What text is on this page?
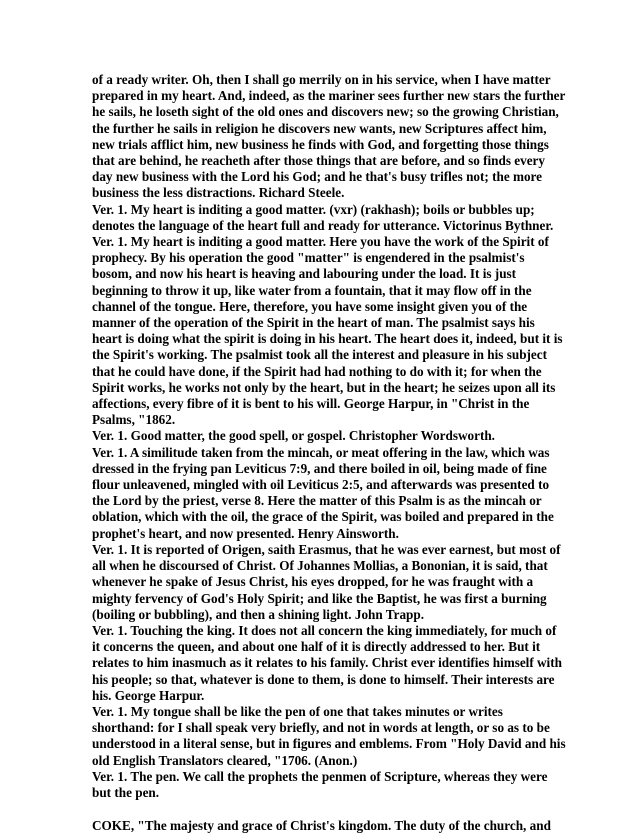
of a ready writer. Oh, then I shall go merrily on in his service, when I have matter
prepared in my heart. And, indeed, as the mariner sees further new stars the further
he sails, he loseth sight of the old ones and discovers new; so the growing Christian,
the further he sails in religion he discovers new wants, new Scriptures affect him,
new trials afflict him, new business he finds with God, and forgetting those things
that are behind, he reacheth after those things that are before, and so finds every
day new business with the Lord his God; and he that's busy trifles not; the more
business the less distractions. Richard Steele.
Ver. 1. My heart is inditing a good matter. (vxr) (rakhash); boils or bubbles up;
denotes the language of the heart full and ready for utterance. Victorinus Bythner.
Ver. 1. My heart is inditing a good matter. Here you have the work of the Spirit of
prophecy. By his operation the good "matter" is engendered in the psalmist's
bosom, and now his heart is heaving and labouring under the load. It is just
beginning to throw it up, like water from a fountain, that it may flow off in the
channel of the tongue. Here, therefore, you have some insight given you of the
manner of the operation of the Spirit in the heart of man. The psalmist says his
heart is doing what the spirit is doing in his heart. The heart does it, indeed, but it is
the Spirit's working. The psalmist took all the interest and pleasure in his subject
that he could have done, if the Spirit had had nothing to do with it; for when the
Spirit works, he works not only by the heart, but in the heart; he seizes upon all its
affections, every fibre of it is bent to his will. George Harpur, in "Christ in the
Psalms, "1862.
Ver. 1. Good matter, the good spell, or gospel. Christopher Wordsworth.
Ver. 1. A similitude taken from the mincah, or meat offering in the law, which was
dressed in the frying pan Leviticus 7:9, and there boiled in oil, being made of fine
flour unleavened, mingled with oil Leviticus 2:5, and afterwards was presented to
the Lord by the priest, verse 8. Here the matter of this Psalm is as the mincah or
oblation, which with the oil, the grace of the Spirit, was boiled and prepared in the
prophet's heart, and now presented. Henry Ainsworth.
Ver. 1. It is reported of Origen, saith Erasmus, that he was ever earnest, but most of
all when he discoursed of Christ. Of Johannes Mollias, a Bononian, it is said, that
whenever he spake of Jesus Christ, his eyes dropped, for he was fraught with a
mighty fervency of God's Holy Spirit; and like the Baptist, he was first a burning
(boiling or bubbling), and then a shining light. John Trapp.
Ver. 1. Touching the king. It does not all concern the king immediately, for much of
it concerns the queen, and about one half of it is directly addressed to her. But it
relates to him inasmuch as it relates to his family. Christ ever identifies himself with
his people; so that, whatever is done to them, is done to himself. Their interests are
his. George Harpur.
Ver. 1. My tongue shall be like the pen of one that takes minutes or writes
shorthand: for I shall speak very briefly, and not in words at length, or so as to be
understood in a literal sense, but in figures and emblems. From "Holy David and his
old English Translators cleared, "1706. (Anon.)
Ver. 1. The pen. We call the prophets the penmen of Scripture, whereas they were
but the pen.
COKE, "The majesty and grace of Christ's kingdom. The duty of the church, and
